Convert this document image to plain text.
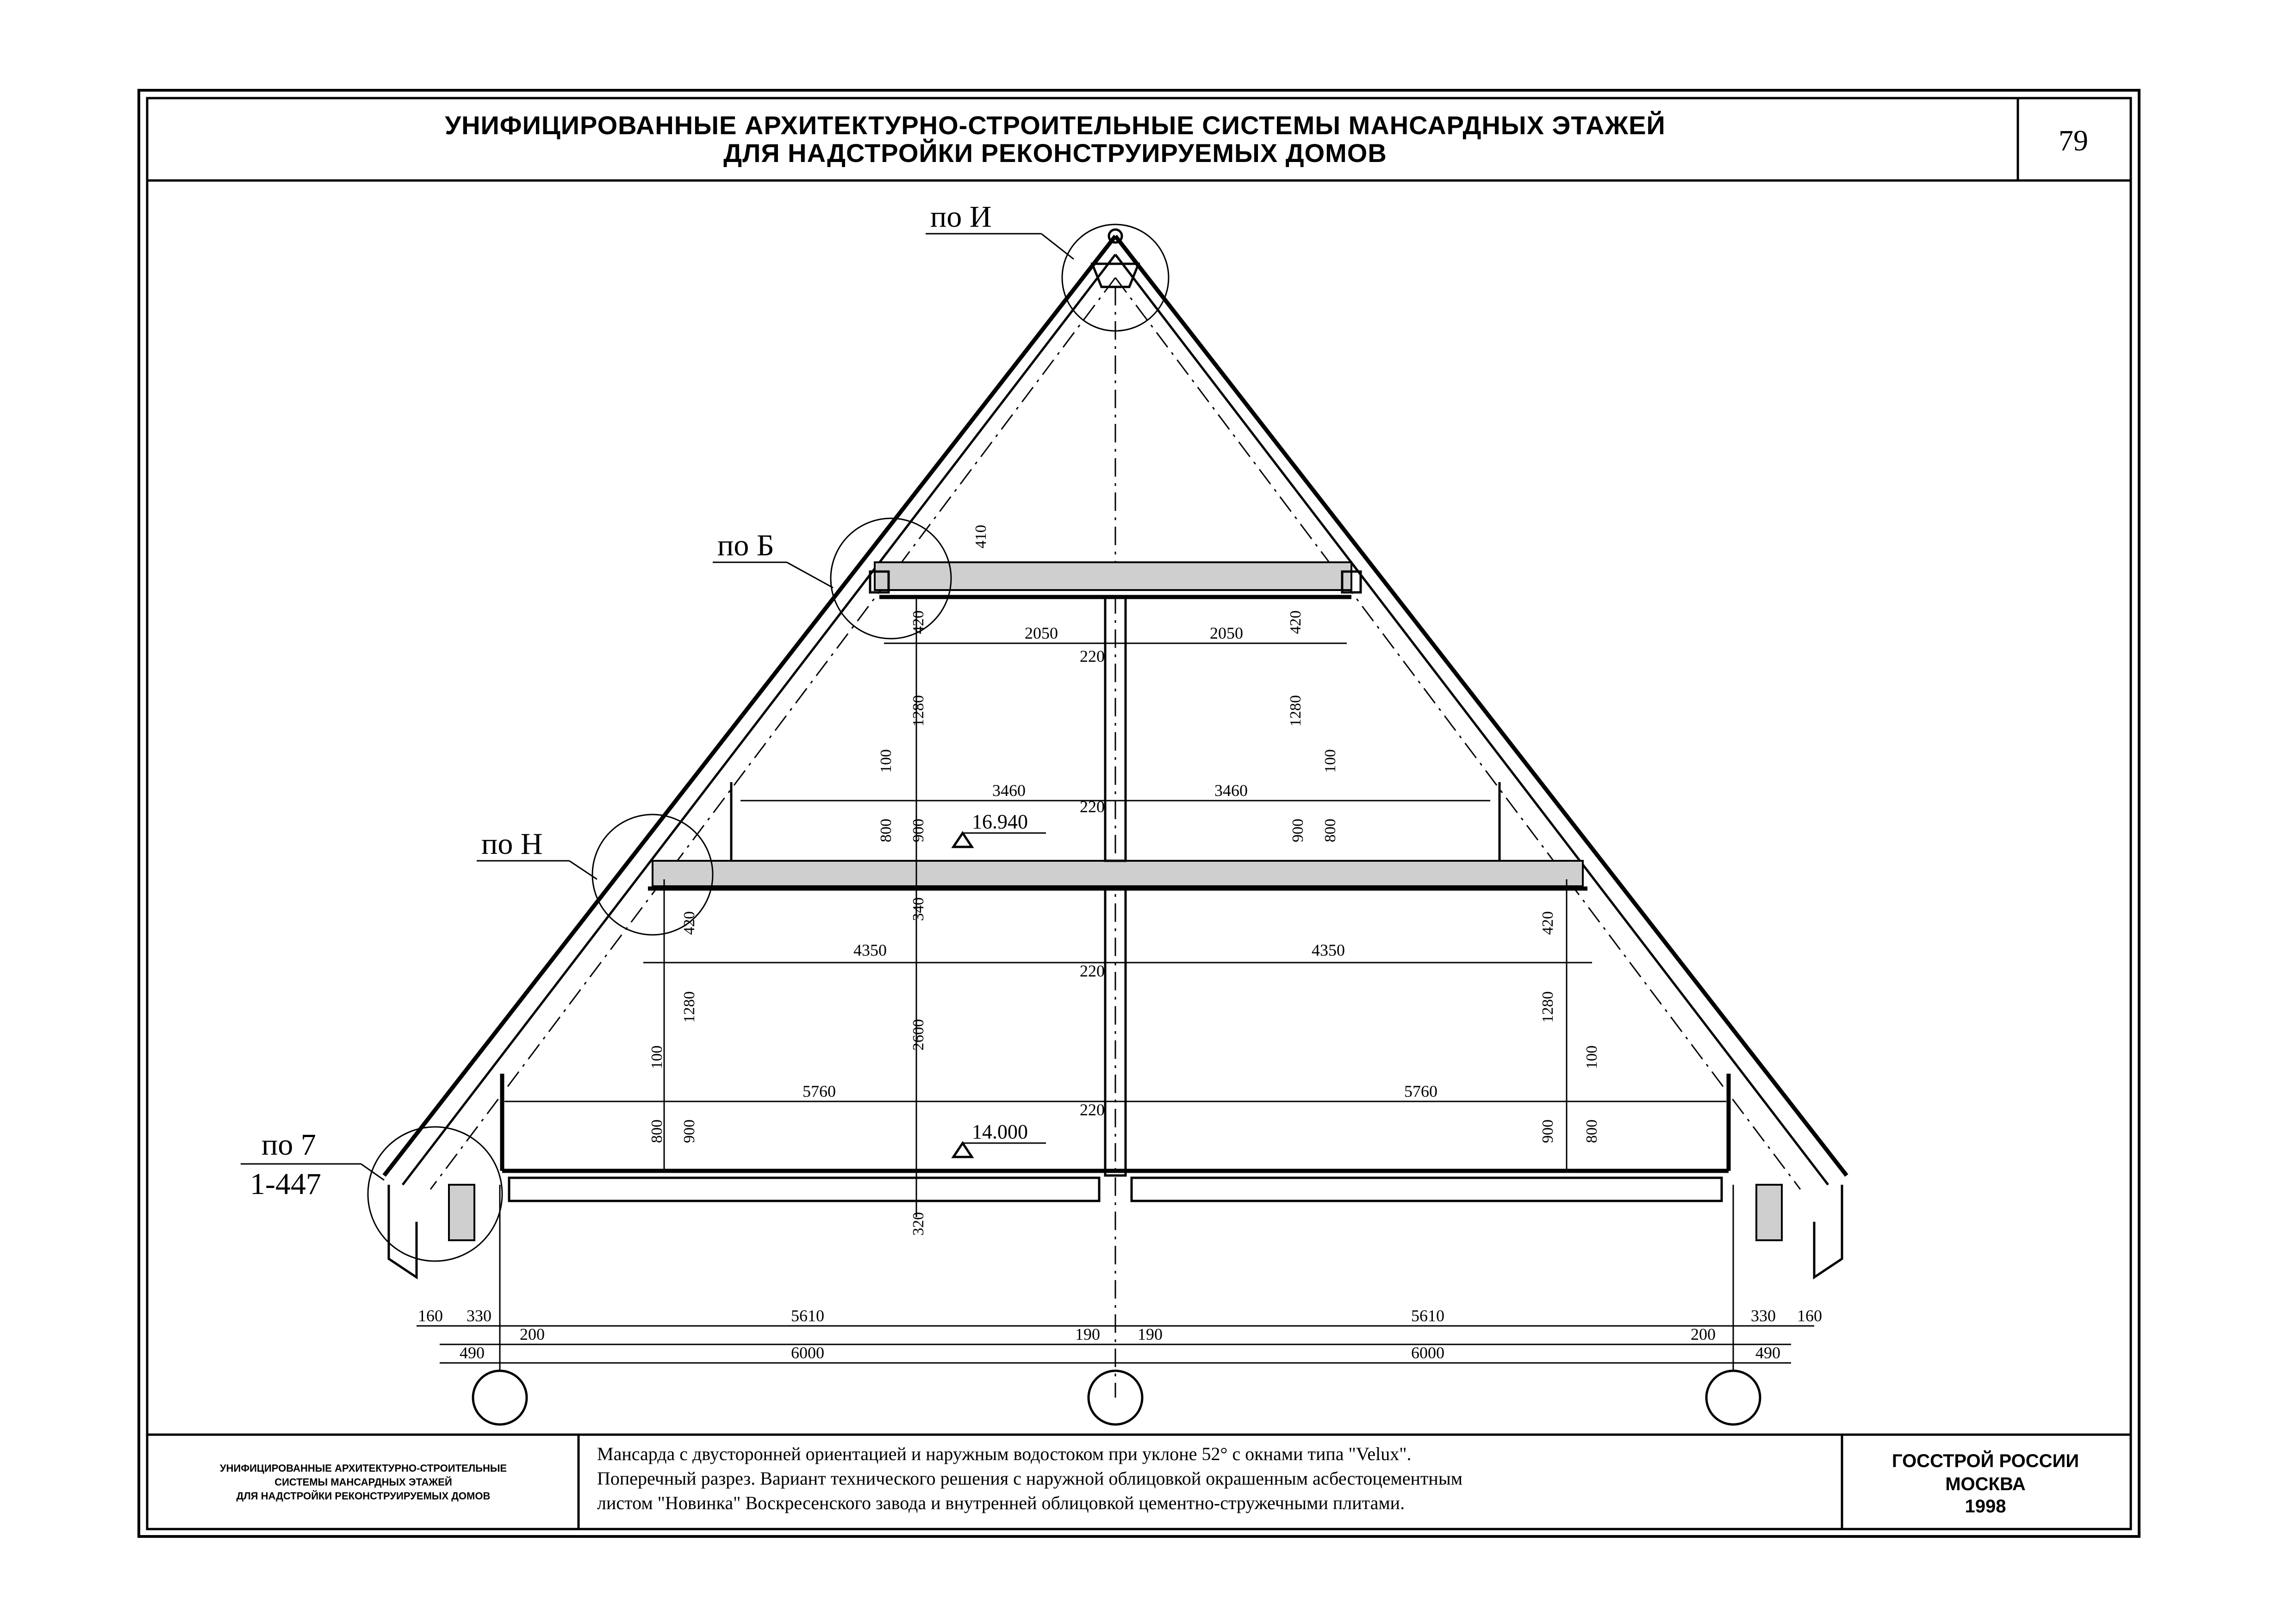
УНИФИЦИРОВАННЫЕ АРХИТЕКТУРНО-СТРОИТЕЛЬНЫЕ СИСТЕМЫ МАНСАРДНЫХ ЭТАЖЕЙ
ДЛЯ НАДСТРОЙКИ РЕКОНСТРУИРУЕМЫХ ДОМОВ	79
УНИФИЦИРОВАННЫЕ АРХИТЕКТУРНО-СТРОИТЕЛЬНЫЕ
СИСТЕМЫ МАНСАРДНЫХ ЭТАЖЕЙ
ДЛЯ НАДСТРОЙКИ РЕКОНСТРУИРУЕМЫХ ДОМОВ
Мансарда с двусторонней ориентацией и наружным водостоком при уклоне 52° с окнами типа "Velux".
Поперечный разрез. Вариант технического решения с наружной облицовкой окрашенным асбестоцементным
листом "Новинка" Воскресенского завода и внутренней облицовкой цементно-стружечными плитами.
ГОССТРОЙ РОССИИ
МОСКВА
1998
по И
по Б
по Н
по 7
1-447
16.940
14.000
410
2050	2050
220
420	420
1280	1280
100	100
3460	3460
220
800 900	900 800
340
420	420
4350	4350
220
1280	1280
2600
100	100
5760	5760
220
800 900	900 800
320
160 330	5610	5610	330 160
490
200	190 190	200
490
6000	6000
